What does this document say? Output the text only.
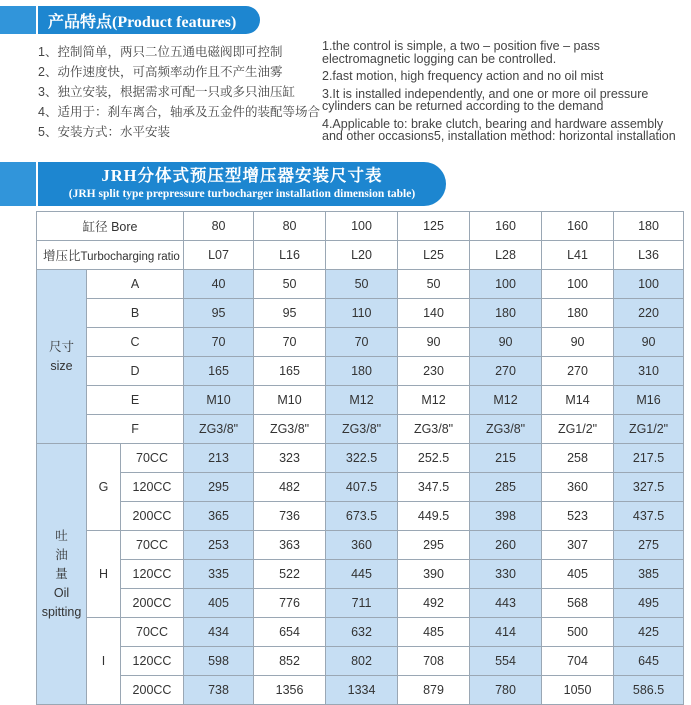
产品特点(Product features)
1、控制简单，两只二位五通电磁阀即可控制
2、动作速度快，可高频率动作且不产生油雾
3、独立安装，根据需求可配一只或多只油压缸
4、适用于：刹车离合，轴承及五金件的装配等场合
5、安装方式：水平安装
1.the control is simple, a two – position five – pass electromagnetic logging can be controlled.
2.fast motion, high frequency action and no oil mist
3.It is installed independently, and one or more oil pressure cylinders can be returned according to the demand
4.Applicable to: brake clutch, bearing and hardware assembly and other occasions5, installation method: horizontal installation
JRH分体式预压型增压器安装尺寸表
(JRH split type prepressure turbocharger installation dimension table)
缸径 Bore			80	80	100	125	160	160	180
增压比Turbocharging ratio			L07	L16	L20	L25	L28	L41	L36

尺寸
size	A		40	50	50	50	100	100	100
	B		95	95	110	140	180	180	220
	C		70	70	70	90	90	90	90
	D		165	165	180	230	270	270	310
	E		M10	M10	M12	M12	M12	M14	M16
	F		ZG3/8"	ZG3/8"	ZG3/8"	ZG3/8"	ZG3/8"	ZG1/2"	ZG1/2"

吐
油
量
Oil
spitting	G	70CC	213	323	322.5	252.5	215	258	217.5
		120CC	295	482	407.5	347.5	285	360	327.5
		200CC	365	736	673.5	449.5	398	523	437.5
	H	70CC	253	363	360	295	260	307	275
		120CC	335	522	445	390	330	405	385
		200CC	405	776	711	492	443	568	495
	I	70CC	434	654	632	485	414	500	425
		120CC	598	852	802	708	554	704	645
		200CC	738	1356	1334	879	780	1050	586.5
